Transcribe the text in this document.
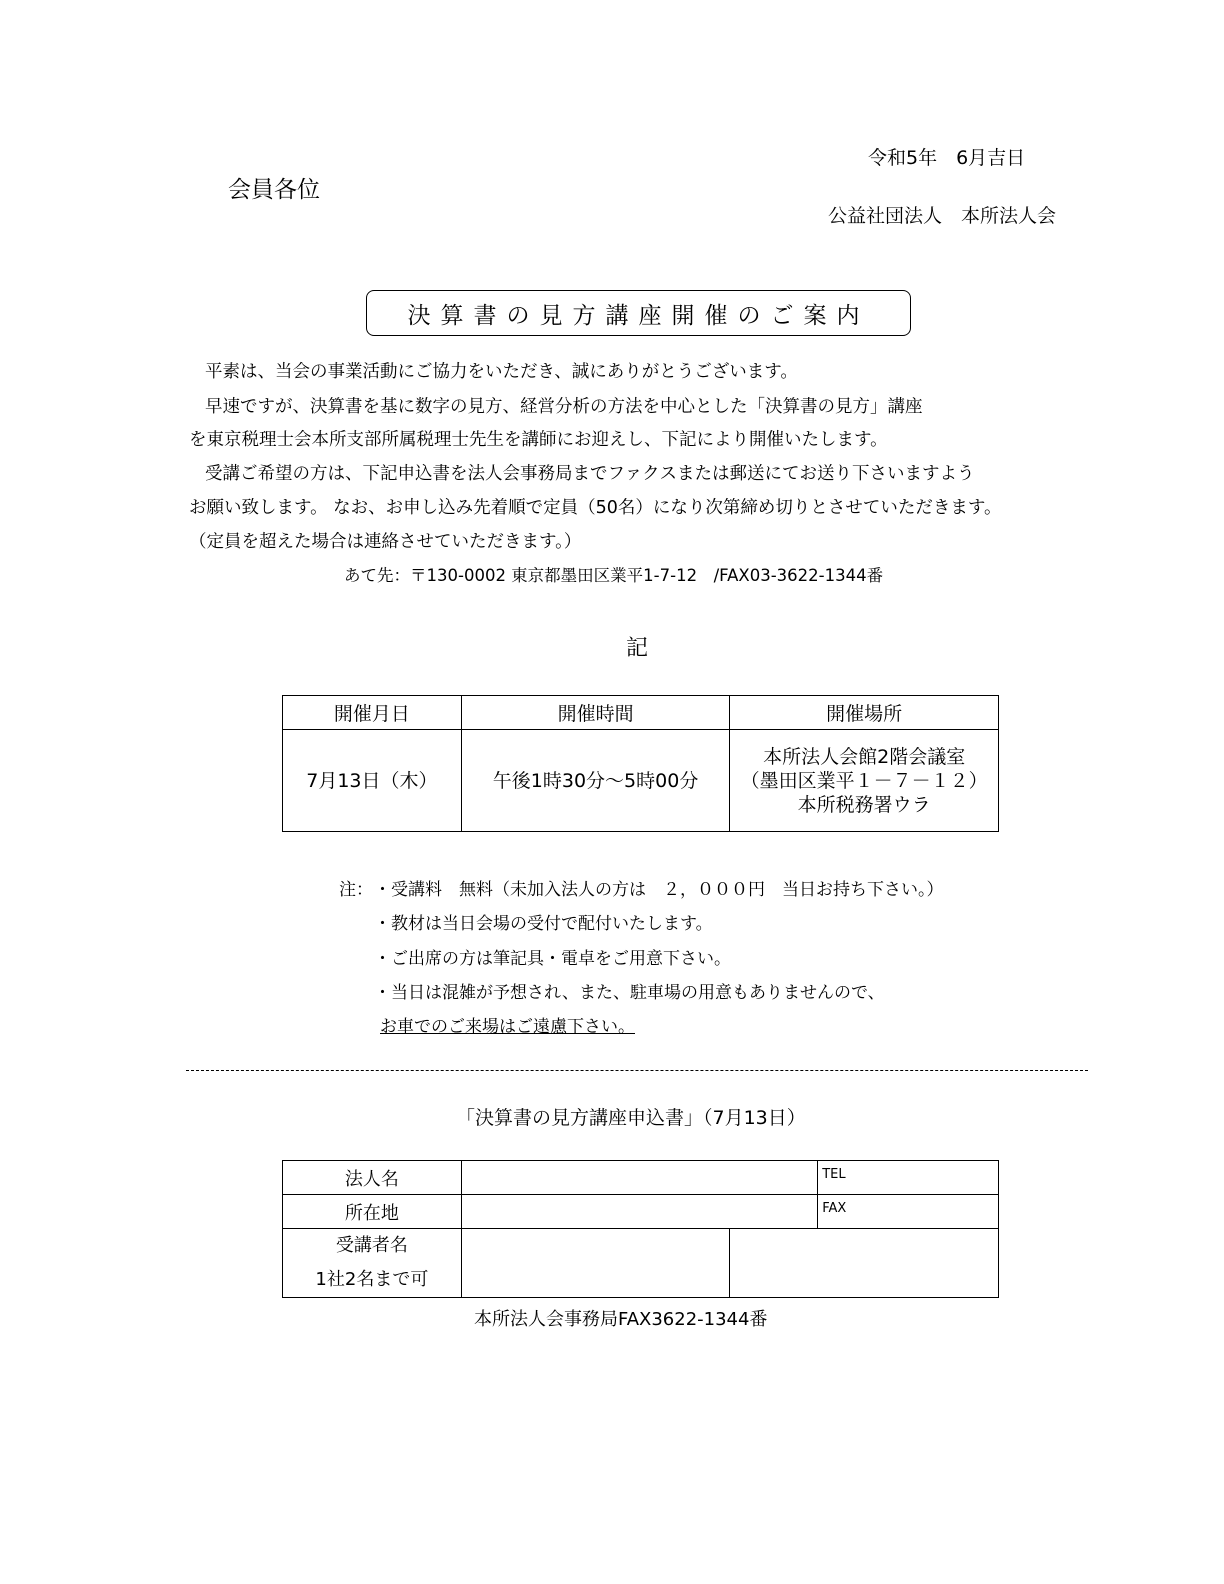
令和5年　6月吉日
会員各位
公益社団法人　本所法人会
決算書の見方講座開催のご案内
平素は、当会の事業活動にご協力をいただき、誠にありがとうございます。
早速ですが、決算書を基に数字の見方、経営分析の方法を中心とした「決算書の見方」講座
を東京税理士会本所支部所属税理士先生を講師にお迎えし、下記により開催いたします。
受講ご希望の方は、下記申込書を法人会事務局までファクスまたは郵送にてお送り下さいますよう
お願い致します。 なお、お申し込み先着順で定員（50名）になり次第締め切りとさせていただきます。
（定員を超えた場合は連絡させていただきます。）
あて先：〒130-0002 東京都墨田区業平1-7-12　/FAX03-3622-1344番
記
開催月日	開催時間	開催場所
7月13日（木）	午後1時30分～5時00分	本所法人会館2階会議室
（墨田区業平１－７－１２）
本所税務署ウラ
注： ・受講料　無料（未加入法人の方は　２，０００円　当日お持ち下さい。）
・教材は当日会場の受付で配付いたします。
・ご出席の方は筆記具・電卓をご用意下さい。
・当日は混雑が予想され、また、駐車場の用意もありませんので、
お車でのご来場はご遠慮下さい。
「決算書の見方講座申込書」（7月13日）
法人名			TEL
所在地			FAX

受講者名
1社2名まで可			

本所法人会事務局FAX3622-1344番
